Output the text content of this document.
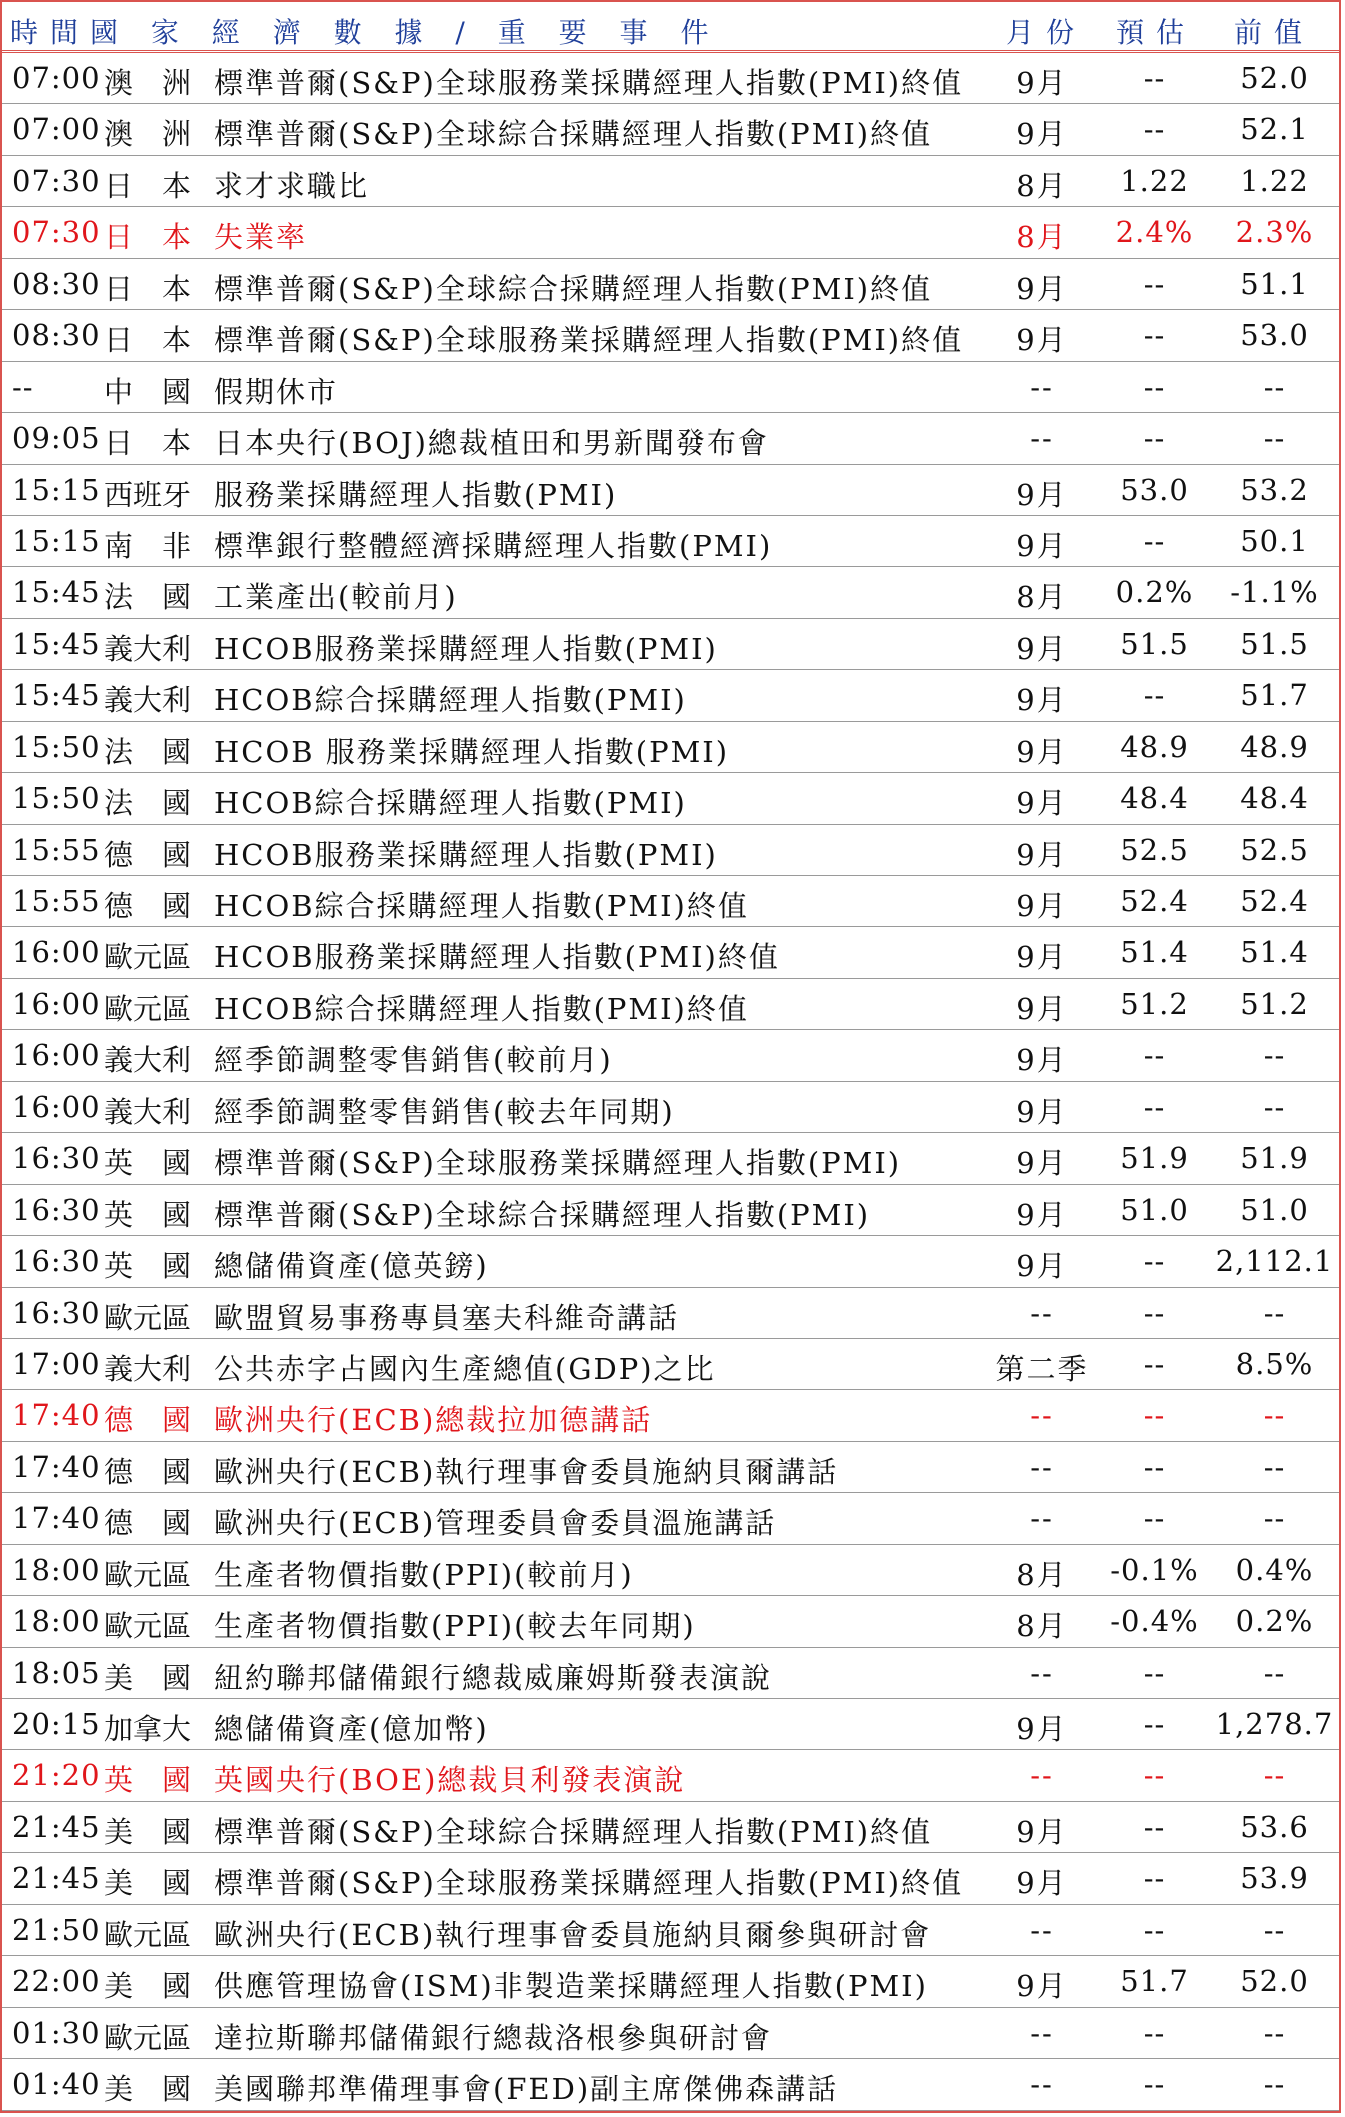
時間國 家 經 濟 數 據 / 重 要 事 件	月份 預估 前值
07:00 澳　洲 標準普爾(S&P)全球服務業採購經理人指數(PMI)終值	9月	--	52.0
07:00 澳　洲 標準普爾(S&P)全球綜合採購經理人指數(PMI)終值	9月	--	52.1
07:30 日　本 求才求職比	8月	1.22	1.22
07:30 日　本 失業率	8月	2.4%	2.3%
08:30 日　本 標準普爾(S&P)全球綜合採購經理人指數(PMI)終值	9月	--	51.1
08:30 日　本 標準普爾(S&P)全球服務業採購經理人指數(PMI)終值	9月	--	53.0
-- 中　國 假期休市	--	--	--
09:05 日　本 日本央行(BOJ)總裁植田和男新聞發布會	--	--	--
15:15 西班牙 服務業採購經理人指數(PMI)	9月	53.0	53.2
15:15 南　非 標準銀行整體經濟採購經理人指數(PMI)	9月	--	50.1
15:45 法　國 工業產出(較前月)	8月	0.2%	-1.1%
15:45 義大利 HCOB服務業採購經理人指數(PMI)	9月	51.5	51.5
15:45 義大利 HCOB綜合採購經理人指數(PMI)	9月	--	51.7
15:50 法　國 HCOB 服務業採購經理人指數(PMI)	9月	48.9	48.9
15:50 法　國 HCOB綜合採購經理人指數(PMI)	9月	48.4	48.4
15:55 德　國 HCOB服務業採購經理人指數(PMI)	9月	52.5	52.5
15:55 德　國 HCOB綜合採購經理人指數(PMI)終值	9月	52.4	52.4
16:00 歐元區 HCOB服務業採購經理人指數(PMI)終值	9月	51.4	51.4
16:00 歐元區 HCOB綜合採購經理人指數(PMI)終值	9月	51.2	51.2
16:00 義大利 經季節調整零售銷售(較前月)	9月	--	--
16:00 義大利 經季節調整零售銷售(較去年同期)	9月	--	--
16:30 英　國 標準普爾(S&P)全球服務業採購經理人指數(PMI)	9月	51.9	51.9
16:30 英　國 標準普爾(S&P)全球綜合採購經理人指數(PMI)	9月	51.0	51.0
16:30 英　國 總儲備資產(億英鎊)	9月	--	2,112.1
16:30 歐元區 歐盟貿易事務專員塞夫科維奇講話	--	--	--
17:00 義大利 公共赤字占國內生產總值(GDP)之比	第二季	--	8.5%
17:40 德　國 歐洲央行(ECB)總裁拉加德講話	--	--	--
17:40 德　國 歐洲央行(ECB)執行理事會委員施納貝爾講話	--	--	--
17:40 德　國 歐洲央行(ECB)管理委員會委員溫施講話	--	--	--
18:00 歐元區 生產者物價指數(PPI)(較前月)	8月	-0.1%	0.4%
18:00 歐元區 生產者物價指數(PPI)(較去年同期)	8月	-0.4%	0.2%
18:05 美　國 紐約聯邦儲備銀行總裁威廉姆斯發表演說	--	--	--
20:15 加拿大 總儲備資產(億加幣)	9月	--	1,278.7
21:20 英　國 英國央行(BOE)總裁貝利發表演說	--	--	--
21:45 美　國 標準普爾(S&P)全球綜合採購經理人指數(PMI)終值	9月	--	53.6
21:45 美　國 標準普爾(S&P)全球服務業採購經理人指數(PMI)終值	9月	--	53.9
21:50 歐元區 歐洲央行(ECB)執行理事會委員施納貝爾參與研討會	--	--	--
22:00 美　國 供應管理協會(ISM)非製造業採購經理人指數(PMI)	9月	51.7	52.0
01:30 歐元區 達拉斯聯邦儲備銀行總裁洛根參與研討會	--	--	--
01:40 美　國 美國聯邦準備理事會(FED)副主席傑佛森講話	--	--	--
